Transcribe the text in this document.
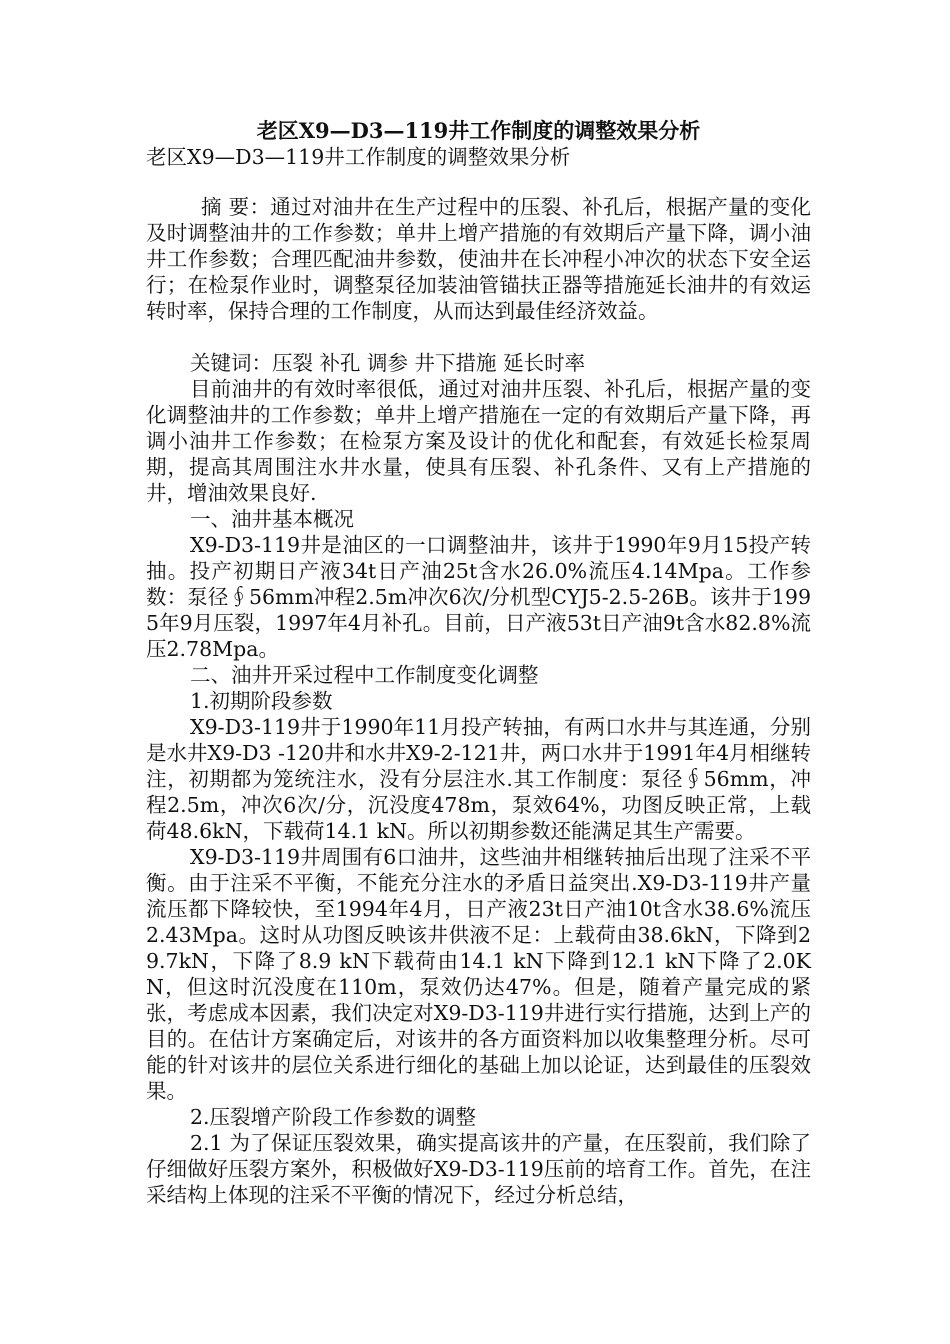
老区X9—D3—119井工作制度的调整效果分析
老区X9—D3—119井工作制度的调整效果分析

摘 要：通过对油井在生产过程中的压裂、补孔后，根据产量的变化及时调整油井的工作参数；单井上增产措施的有效期后产量下降，调小油井工作参数；合理匹配油井参数，使油井在长冲程小冲次的状态下安全运行；在检泵作业时，调整泵径加装油管锚扶正器等措施延长油井的有效运转时率，保持合理的工作制度，从而达到最佳经济效益。

关键词：压裂 补孔 调参 井下措施 延长时率

目前油井的有效时率很低，通过对油井压裂、补孔后，根据产量的变化调整油井的工作参数；单井上增产措施在一定的有效期后产量下降，再调小油井工作参数；在检泵方案及设计的优化和配套，有效延长检泵周期，提高其周围注水井水量，使具有压裂、补孔条件、又有上产措施的井，增油效果良好.

一、油井基本概况

X9-D3-119井是油区的一口调整油井，该井于1990年9月15投产转抽。投产初期日产液34t日产油25t含水26.0%流压4.14Mpa。工作参数：泵径∮56mm冲程2.5m冲次6次/分机型CYJ5-2.5-26B。该井于1995年9月压裂，1997年4月补孔。目前，日产液53t日产油9t含水82.8%流压2.78Mpa。

二、油井开采过程中工作制度变化调整

1.初期阶段参数

X9-D3-119井于1990年11月投产转抽，有两口水井与其连通，分别是水井X9-D3 -120井和水井X9-2-121井，两口水井于1991年4月相继转注，初期都为笼统注水，没有分层注水.其工作制度：泵径∮56mm，冲程2.5m，冲次6次/分，沉没度478m，泵效64%，功图反映正常，上载荷48.6kN，下载荷14.1 kN。所以初期参数还能满足其生产需要。

X9-D3-119井周围有6口油井，这些油井相继转抽后出现了注采不平衡。由于注采不平衡，不能充分注水的矛盾日益突出.X9-D3-119井产量流压都下降较快，至1994年4月，日产液23t日产油10t含水38.6%流压2.43Mpa。这时从功图反映该井供液不足：上载荷由38.6kN，下降到29.7kN，下降了8.9 kN下载荷由14.1 kN下降到12.1 kN下降了2.0KN，但这时沉没度在110m，泵效仍达47%。但是，随着产量完成的紧张，考虑成本因素，我们决定对X9-D3-119井进行实行措施，达到上产的目的。在估计方案确定后，对该井的各方面资料加以收集整理分析。尽可能的针对该井的层位关系进行细化的基础上加以论证，达到最佳的压裂效果。

2.压裂增产阶段工作参数的调整

2.1 为了保证压裂效果，确实提高该井的产量，在压裂前，我们除了仔细做好压裂方案外，积极做好X9-D3-119压前的培育工作。首先，在注采结构上体现的注采不平衡的情况下，经过分析总结，
